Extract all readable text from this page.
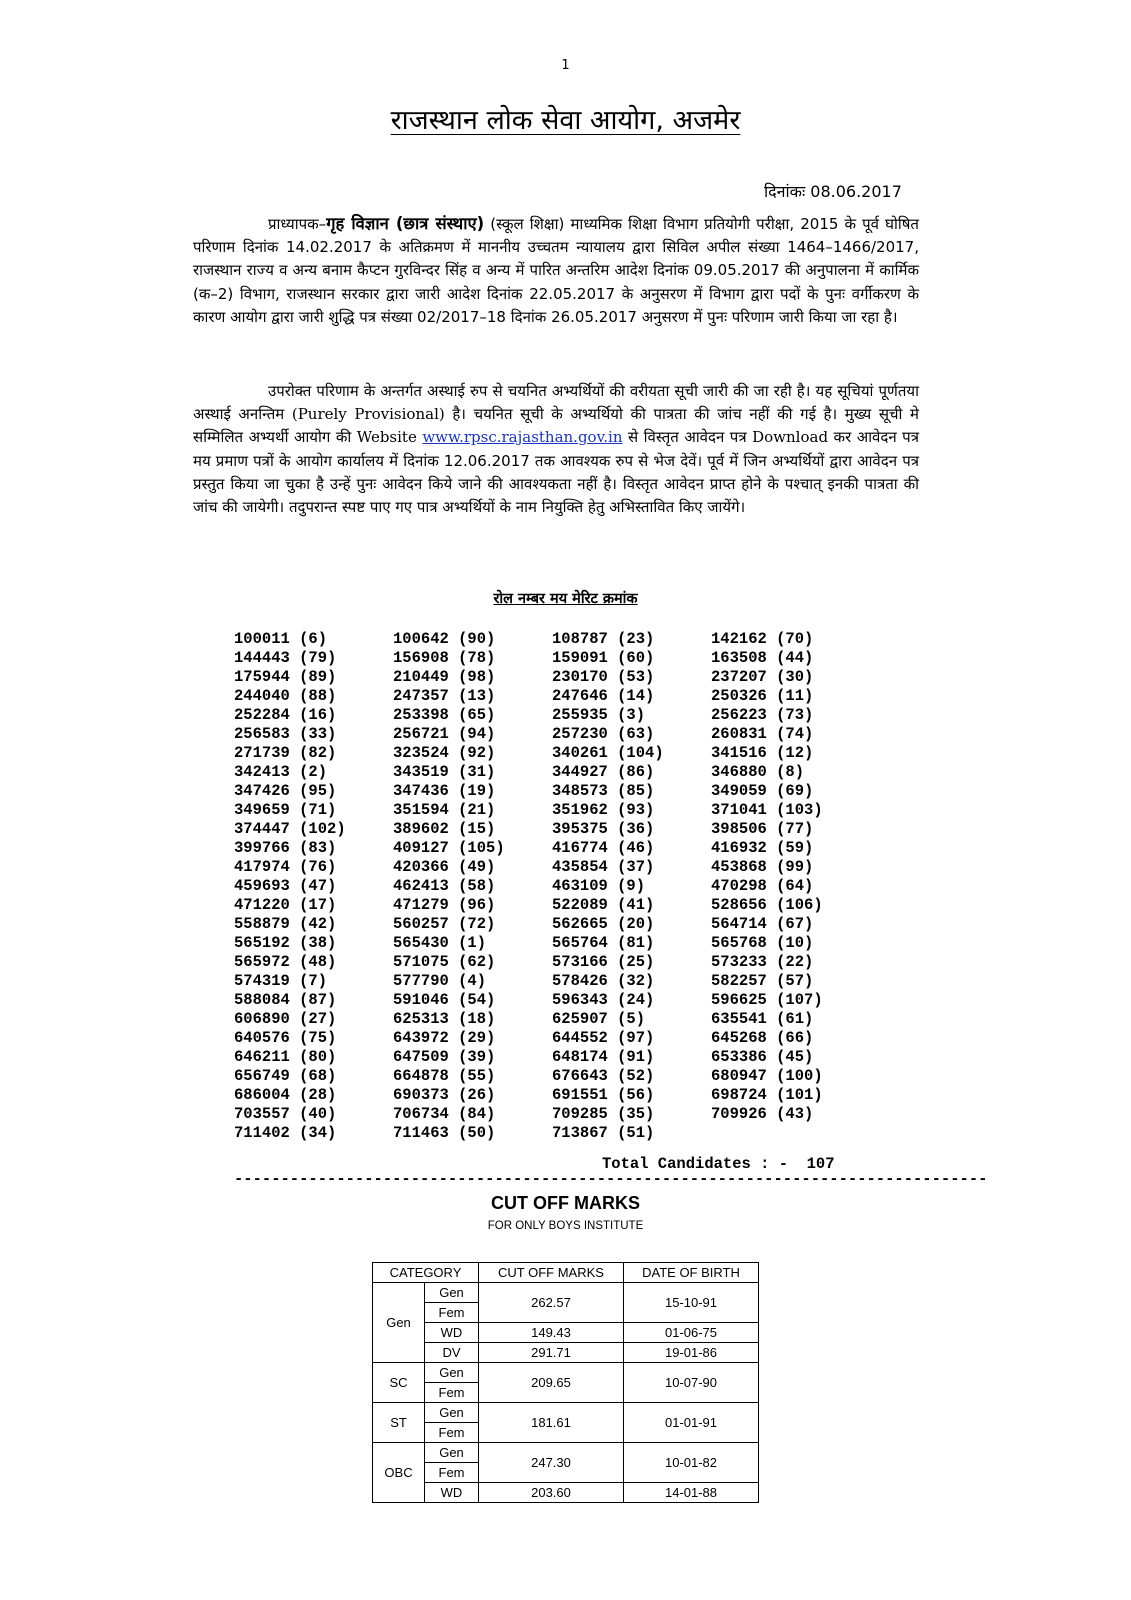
1
राजस्थान लोक सेवा आयोग, अजमेर
दिनांकः 08.06.2017

     प्राध्यापक–गृह विज्ञान (छात्र संस्थाए) (स्कूल शिक्षा) माध्यमिक शिक्षा विभाग प्रतियोगी परीक्षा, 2015 के पूर्व घोषित परिणाम दिनांक 14.02.2017 के अतिक्रमण में माननीय उच्चतम न्यायालय द्वारा सिविल अपील संख्या 1464–1466/2017, राजस्थान राज्य व अन्य बनाम कैप्टन गुरविन्दर सिंह व अन्य में पारित अन्तरिम आदेश दिनांक 09.05.2017 की अनुपालना में कार्मिक (क–2) विभाग, राजस्थान सरकार द्वारा जारी आदेश दिनांक 22.05.2017 के अनुसरण में विभाग द्वारा पदों के पुनः वर्गीकरण के कारण आयोग द्वारा जारी शुद्धि पत्र संख्या 02/2017–18 दिनांक 26.05.2017 अनुसरण में पुनः परिणाम जारी किया जा रहा है।

     उपरोक्त परिणाम के अन्तर्गत अस्थाई रुप से चयनित अभ्यर्थियों की वरीयता सूची जारी की जा रही है। यह सूचियां पूर्णतया अस्थाई अनन्तिम (Purely Provisional) है। चयनित सूची के अभ्यर्थियो की पात्रता की जांच नहीं की गई है। मुख्य सूची मे सम्मिलित अभ्यर्थी आयोग की Website www.rpsc.rajasthan.gov.in से विस्तृत आवेदन पत्र Download कर आवेदन पत्र मय प्रमाण पत्रों के आयोग कार्यालय में दिनांक 12.06.2017 तक आवश्यक रुप से भेज देवें। पूर्व में जिन अभ्यर्थियों द्वारा आवेदन पत्र प्रस्तुत किया जा चुका है उन्हें पुनः आवेदन किये जाने की आवश्यकता नहीं है। विस्तृत आवेदन प्राप्त होने के पश्चात् इनकी पात्रता की जांच की जायेगी। तदुपरान्त स्पष्ट पाए गए पात्र अभ्यर्थियों के नाम नियुक्ति हेतु अभिस्तावित किए जायेंगे।

रोल नम्बर मय मेरिट क्रमांक
100011 (6)	100642 (90)	108787 (23)	142162 (70)
144443 (79)	156908 (78)	159091 (60)	163508 (44)
175944 (89)	210449 (98)	230170 (53)	237207 (30)
244040 (88)	247357 (13)	247646 (14)	250326 (11)
252284 (16)	253398 (65)	255935 (3)	256223 (73)
256583 (33)	256721 (94)	257230 (63)	260831 (74)
271739 (82)	323524 (92)	340261 (104)	341516 (12)
342413 (2)	343519 (31)	344927 (86)	346880 (8)
347426 (95)	347436 (19)	348573 (85)	349059 (69)
349659 (71)	351594 (21)	351962 (93)	371041 (103)
374447 (102)	389602 (15)	395375 (36)	398506 (77)
399766 (83)	409127 (105)	416774 (46)	416932 (59)
417974 (76)	420366 (49)	435854 (37)	453868 (99)
459693 (47)	462413 (58)	463109 (9)	470298 (64)
471220 (17)	471279 (96)	522089 (41)	528656 (106)
558879 (42)	560257 (72)	562665 (20)	564714 (67)
565192 (38)	565430 (1)	565764 (81)	565768 (10)
565972 (48)	571075 (62)	573166 (25)	573233 (22)
574319 (7)	577790 (4)	578426 (32)	582257 (57)
588084 (87)	591046 (54)	596343 (24)	596625 (107)
606890 (27)	625313 (18)	625907 (5)	635541 (61)
640576 (75)	643972 (29)	644552 (97)	645268 (66)
646211 (80)	647509 (39)	648174 (91)	653386 (45)
656749 (68)	664878 (55)	676643 (52)	680947 (100)
686004 (28)	690373 (26)	691551 (56)	698724 (101)
703557 (40)	706734 (84)	709285 (35)	709926 (43)
711402 (34)	711463 (50)	713867 (51)
Total Candidates : -  107
---------------------------------------------------------------------------------
CUT OFF MARKS
FOR ONLY BOYS INSTITUTE
CATEGORY		CUT OFF MARKS	DATE OF BIRTH
Gen	Gen	262.57	15-10-91
	Fem		
	WD	149.43	01-06-75
	DV	291.71	19-01-86
SC	Gen	209.65	10-07-90
	Fem		
ST	Gen	181.61	01-01-91
	Fem		
OBC	Gen	247.30	10-01-82
	Fem		
	WD	203.60	14-01-88
